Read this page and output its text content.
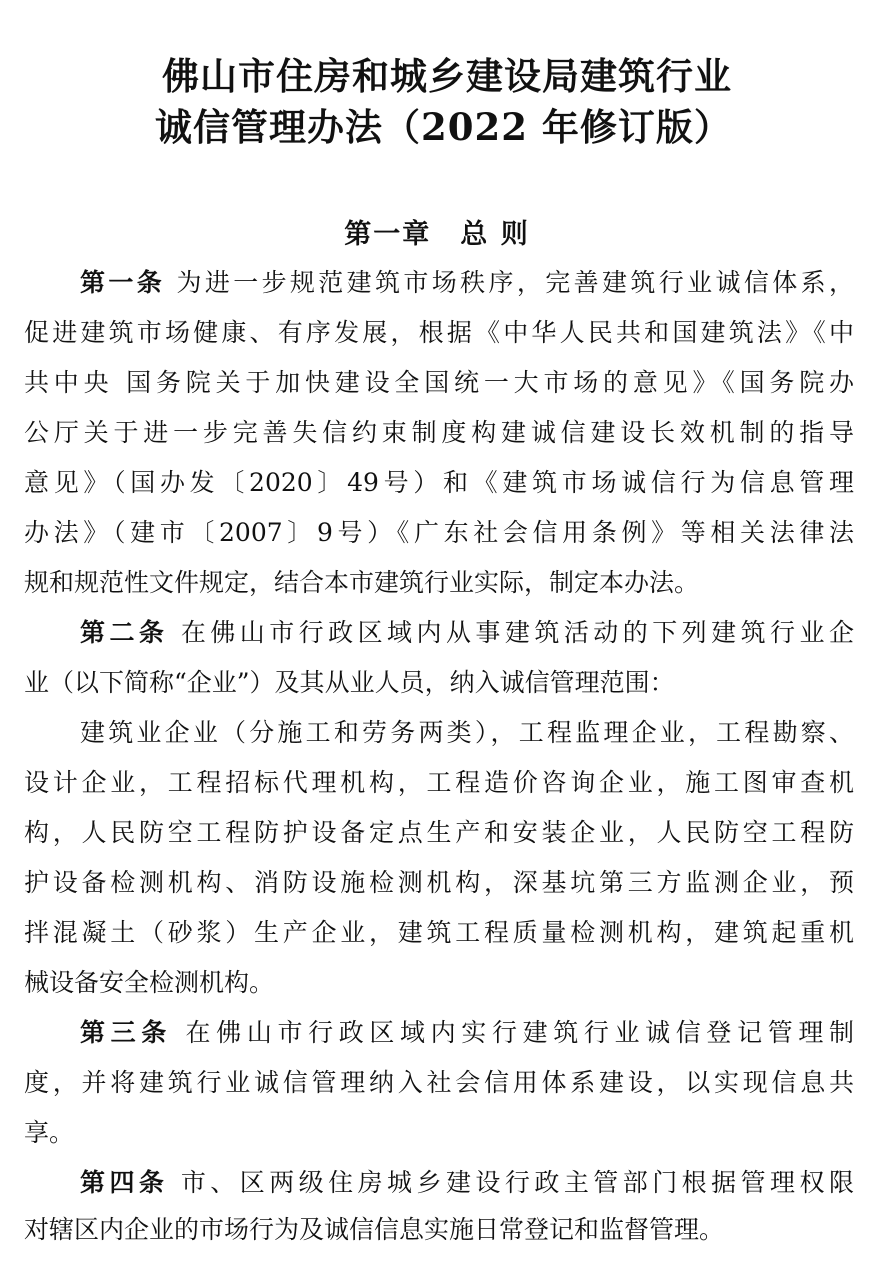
佛山市住房和城乡建设局建筑行业
诚信管理办法（2022 年修订版）
第一章　总 则
第一条 为进一步规范建筑市场秩序，完善建筑行业诚信体系，
促进建筑市场健康、有序发展，根据《中华人民共和国建筑法》《中
共中央 国务院关于加快建设全国统一大市场的意见》《国务院办
公厅关于进一步完善失信约束制度构建诚信建设长效机制的指导
意见》（国办发〔2020〕49号）和《建筑市场诚信行为信息管理
办法》（建市〔2007〕9号）《广东社会信用条例》等相关法律法
规和规范性文件规定，结合本市建筑行业实际，制定本办法。
第二条 在佛山市行政区域内从事建筑活动的下列建筑行业企
业（以下简称“企业”）及其从业人员，纳入诚信管理范围：
建筑业企业（分施工和劳务两类），工程监理企业，工程勘察、
设计企业，工程招标代理机构，工程造价咨询企业，施工图审查机
构，人民防空工程防护设备定点生产和安装企业，人民防空工程防
护设备检测机构、消防设施检测机构，深基坑第三方监测企业，预
拌混凝土（砂浆）生产企业，建筑工程质量检测机构，建筑起重机
械设备安全检测机构。
第三条 在佛山市行政区域内实行建筑行业诚信登记管理制
度，并将建筑行业诚信管理纳入社会信用体系建设，以实现信息共
享。
第四条 市、区两级住房城乡建设行政主管部门根据管理权限
对辖区内企业的市场行为及诚信信息实施日常登记和监督管理。
